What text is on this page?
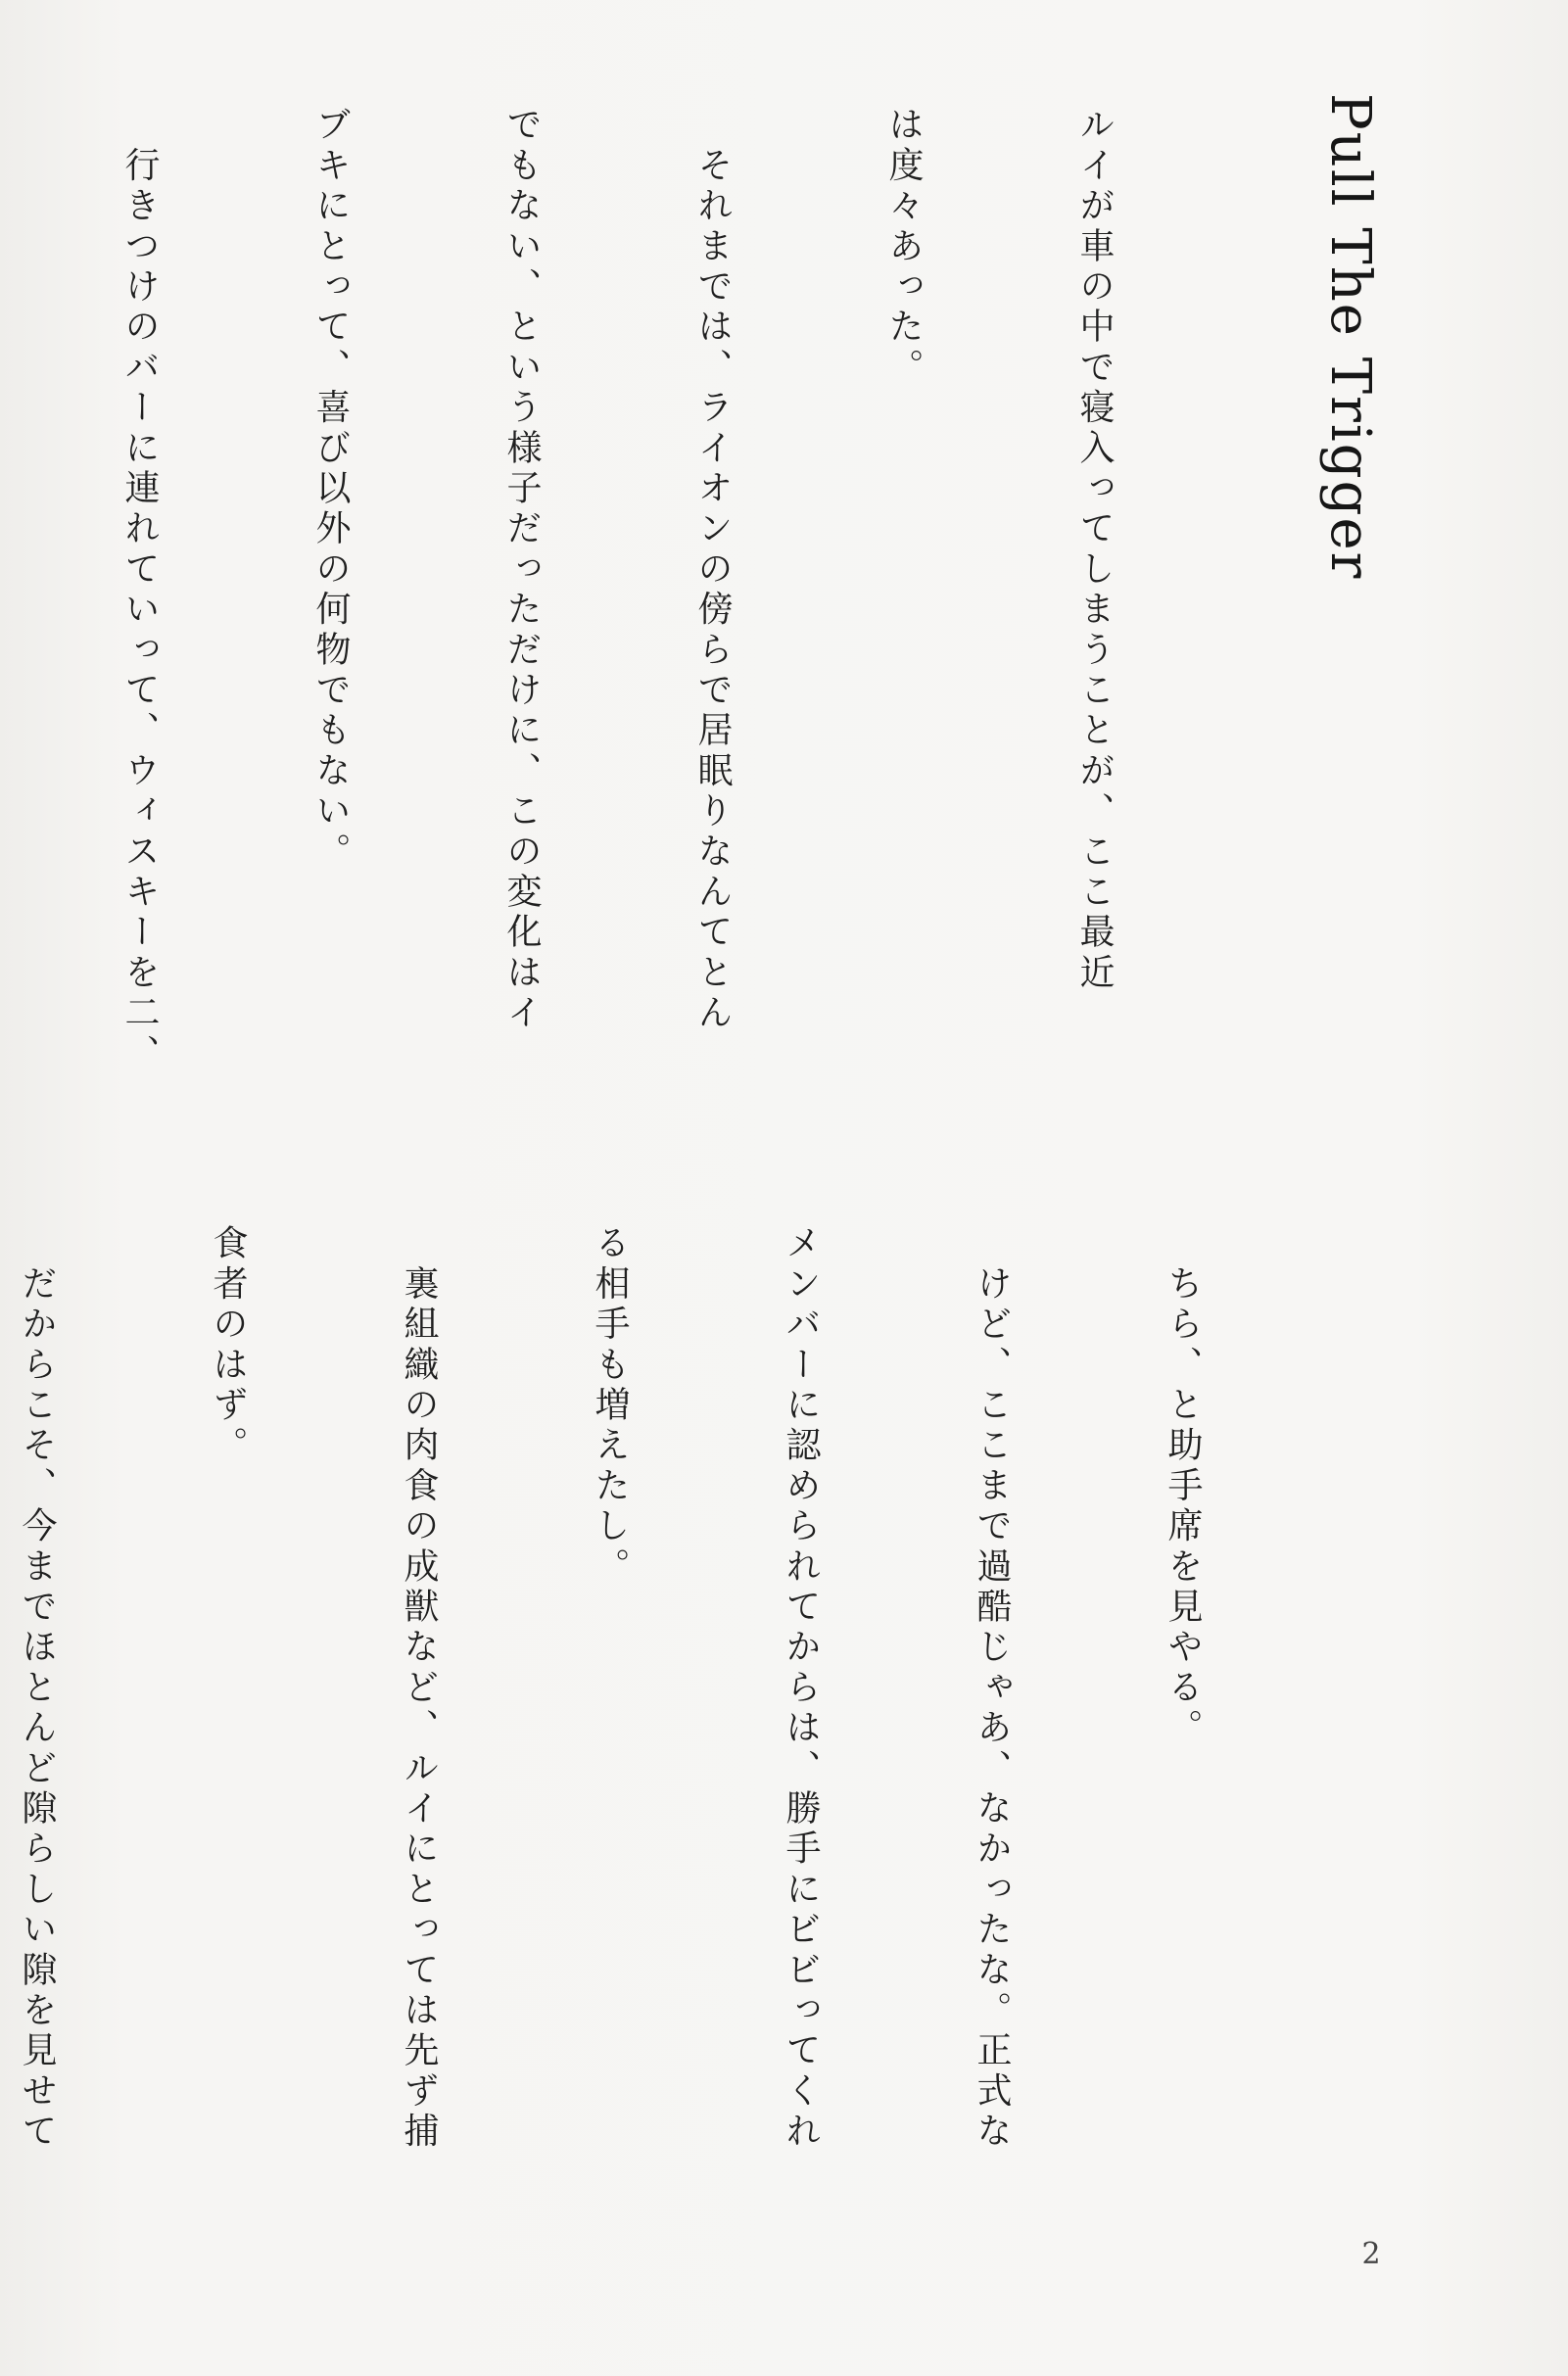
Pull The Trigger

ルイが車の中で寝入ってしまうことが、ここ最近

は度々あった。

　それまでは、ライオンの傍らで居眠りなんてとん

でもない、という様子だっただけに、この変化はイ

ブキにとって、喜び以外の何物でもない。

　行きつけのバーに連れていって、ウィスキーを二、

　ちら、と助手席を見やる。

　けど、ここまで過酷じゃあ、なかったな。正式な

メンバーに認められてからは、勝手にビビってくれ

る相手も増えたし。

　裏組織の肉食の成獣など、ルイにとっては先ず捕

食者のはず。

　だからこそ、今までほとんど隙らしい隙を見せて

2
